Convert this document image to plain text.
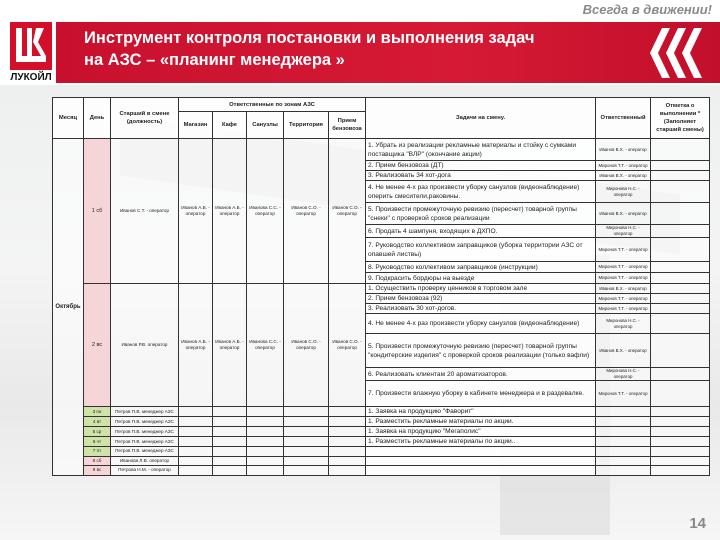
Всегда в движении!
ЛУКОЙЛ
Инструмент контроля постановки и выполнения задач
на АЗС – «планинг менеджера »
Месяц	День	Старший в смене (должность)	Ответственные по зонам АЗС					Задачи на смену.	Ответственный	Отметка о выполнении *(Заполняет старший смены)
			Магазин	Кафе	Санузлы	Территория	Прием бензовоза			
Октябрь	1 сб	Иванов С.Т. - оператор	Иванов А.Б. - оператор	Иванов А.Б. - оператор	Иванова С.С. - оператор	Иванов С.О. - оператор	Иванов С.О. - оператор	1. Убрать из реализации рекламные материалы и стойку с сумками поставщика "ВЛР" (окончание акции)	Иванов В.Х. - оператор	
								2. Прием бензовоза (ДТ)	Миронов Т.Т. - оператор	
								3. Реализовать 34 хот-дога	Иванов В.Х. - оператор	
								4. Не менее 4-х раз произвести уборку санузлов (видеонаблюдение) оперить смесители,раковины.	Миронова Н.С. - оператор	
								5. Произвести промежуточную ревизию (пересчет) товарной группы "снеки" с проверкой сроков реализации	Иванов В.Х. - оператор	
								6. Продать 4 шампуня, входящих в ДХПО.	Миронова Н.С. - оператор	
								7. Руководство коллективом заправщиков (уборка территории АЗС от опавшей листвы)	Миронов Т.Т. - оператор	
								8. Руководство коллективом заправщиков (инструкции)	Миронов Т.Т. - оператор	
								9. Подкрасить бордюры на выезде	Миронов Т.Т. - оператор	
	2 вс	Иванов Р.В. оператор	Иванов А.Б. - оператор	Иванов А.Б. - оператор	Иванова С.С. - оператор	Иванов С.О. - оператор	Иванов С.О. - оператор	1. Осуществить проверку ценников в торговом зале	Иванов В.Х. - оператор	
								2. Прием бензовоза (92)	Миронов Т.Т. - оператор	
								3. Реализовать 30 хот-догов.	Миронов Т.Т. - оператор	
								4. Не менее 4-х раз произвести уборку санузлов (видеонаблюдение)	Миронова Н.С. - оператор	
								5. Произвести промежуточную ревизию (пересчет) товарной группы "кондитерские изделия" с проверкой сроков реализации (только вафли)	Иванов В.Х. - оператор	
								6. Реализовать клиентам 20 ароматизаторов.	Миронова Н.С. - оператор	
								7. Произвести влажную уборку в кабинете менеджера и в раздевалке.	Миронов Т.Т. - оператор	
	3 пн	Петров П.В. менеджер АЗС						1. Заявка на продукцию "Фаворит"		
	4 вт	Петров П.В. менеджер АЗС						1. Разместить рекламные материалы по акции.		
	5 ср	Петров П.В. менеджер АЗС						1. Заявка на продукцию "Мегаполис"		
	6 чт	Петров П.В. менеджер АЗС						1. Разместить рекламные материалы по акции..		
	7 пт	Петров П.В. менеджер АЗС								
	8 сб	Иванова Л.В. оператор								
	9 вс	Петрова Н.М. - оператор								
14
